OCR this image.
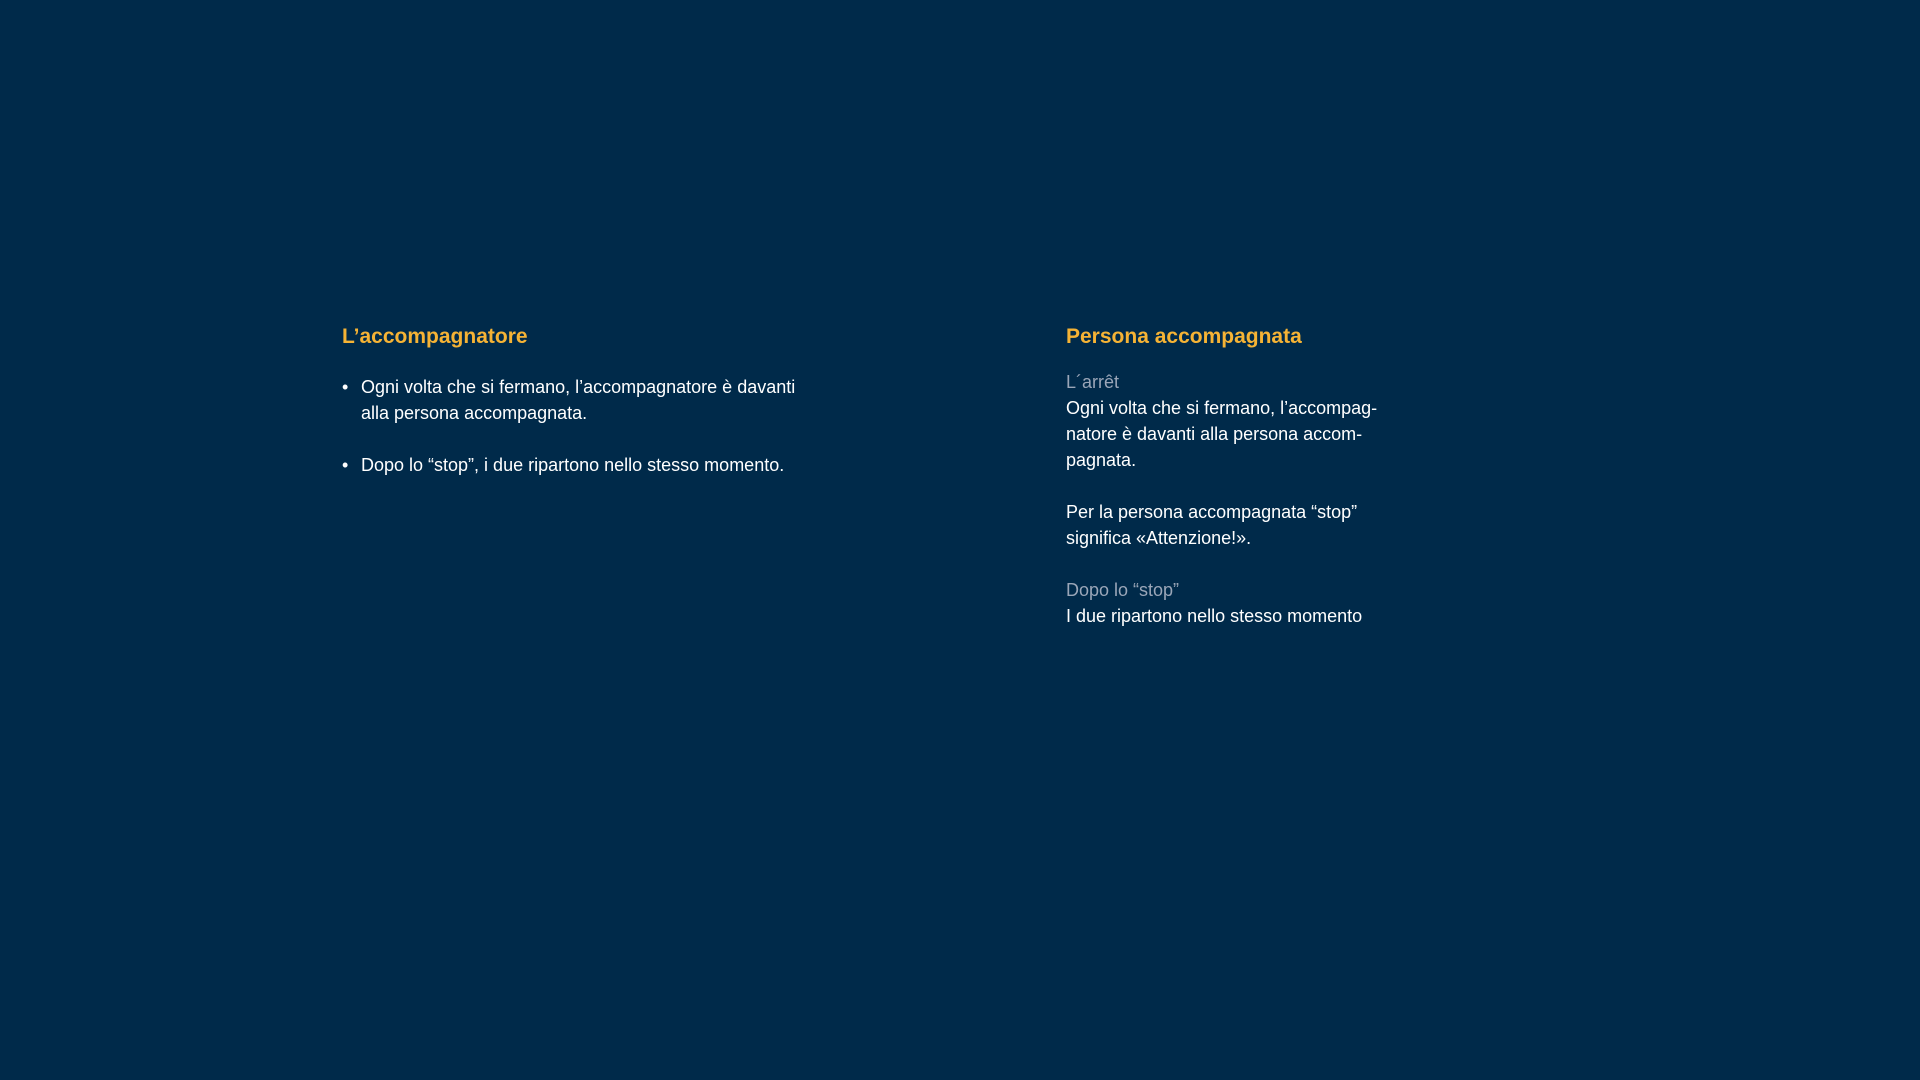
L’accompagnatore
• Ogni volta che si fermano, l’accompagnatore è davanti
alla persona accompagnata.
• Dopo lo “stop”, i due ripartono nello stesso momento.
Persona accompagnata

L´arrêt

Ogni volta che si fermano, l’accompag-
natore è davanti alla persona accom-
pagnata.

Per la persona accompagnata “stop”
significa «Attenzione!».

Dopo lo “stop”

I due ripartono nello stesso momento
